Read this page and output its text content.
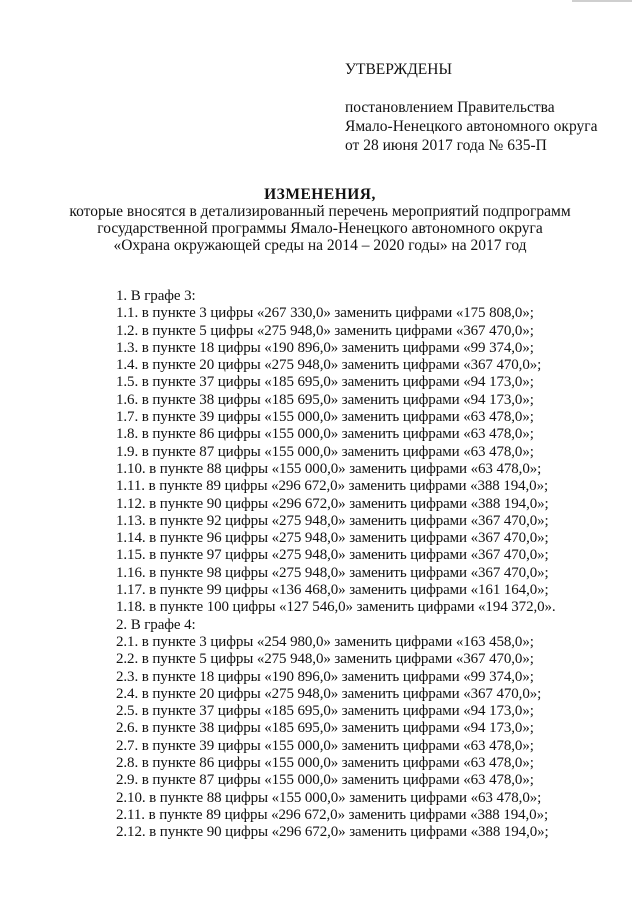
УТВЕРЖДЕНЫ
постановлением Правительства
Ямало-Ненецкого автономного округа
от 28 июня 2017 года № 635-П
ИЗМЕНЕНИЯ,
которые вносятся в детализированный перечень мероприятий подпрограмм
государственной программы Ямало-Ненецкого автономного округа
«Охрана окружающей среды на 2014 – 2020 годы» на 2017 год
1. В графе 3:
1.1. в пункте 3 цифры «267 330,0» заменить цифрами «175 808,0»;
1.2. в пункте 5 цифры «275 948,0» заменить цифрами «367 470,0»;
1.3. в пункте 18 цифры «190 896,0» заменить цифрами «99 374,0»;
1.4. в пункте 20 цифры «275 948,0» заменить цифрами «367 470,0»;
1.5. в пункте 37 цифры «185 695,0» заменить цифрами «94 173,0»;
1.6. в пункте 38 цифры «185 695,0» заменить цифрами «94 173,0»;
1.7. в пункте 39 цифры «155 000,0» заменить цифрами «63 478,0»;
1.8. в пункте 86 цифры «155 000,0» заменить цифрами «63 478,0»;
1.9. в пункте 87 цифры «155 000,0» заменить цифрами «63 478,0»;
1.10. в пункте 88 цифры «155 000,0» заменить цифрами «63 478,0»;
1.11. в пункте 89 цифры «296 672,0» заменить цифрами «388 194,0»;
1.12. в пункте 90 цифры «296 672,0» заменить цифрами «388 194,0»;
1.13. в пункте 92 цифры «275 948,0» заменить цифрами «367 470,0»;
1.14. в пункте 96 цифры «275 948,0» заменить цифрами «367 470,0»;
1.15. в пункте 97 цифры «275 948,0» заменить цифрами «367 470,0»;
1.16. в пункте 98 цифры «275 948,0» заменить цифрами «367 470,0»;
1.17. в пункте 99 цифры «136 468,0» заменить цифрами «161 164,0»;
1.18. в пункте 100 цифры «127 546,0» заменить цифрами «194 372,0».
2. В графе 4:
2.1. в пункте 3 цифры «254 980,0» заменить цифрами «163 458,0»;
2.2. в пункте 5 цифры «275 948,0» заменить цифрами «367 470,0»;
2.3. в пункте 18 цифры «190 896,0» заменить цифрами «99 374,0»;
2.4. в пункте 20 цифры «275 948,0» заменить цифрами «367 470,0»;
2.5. в пункте 37 цифры «185 695,0» заменить цифрами «94 173,0»;
2.6. в пункте 38 цифры «185 695,0» заменить цифрами «94 173,0»;
2.7. в пункте 39 цифры «155 000,0» заменить цифрами «63 478,0»;
2.8. в пункте 86 цифры «155 000,0» заменить цифрами «63 478,0»;
2.9. в пункте 87 цифры «155 000,0» заменить цифрами «63 478,0»;
2.10. в пункте 88 цифры «155 000,0» заменить цифрами «63 478,0»;
2.11. в пункте 89 цифры «296 672,0» заменить цифрами «388 194,0»;
2.12. в пункте 90 цифры «296 672,0» заменить цифрами «388 194,0»;
